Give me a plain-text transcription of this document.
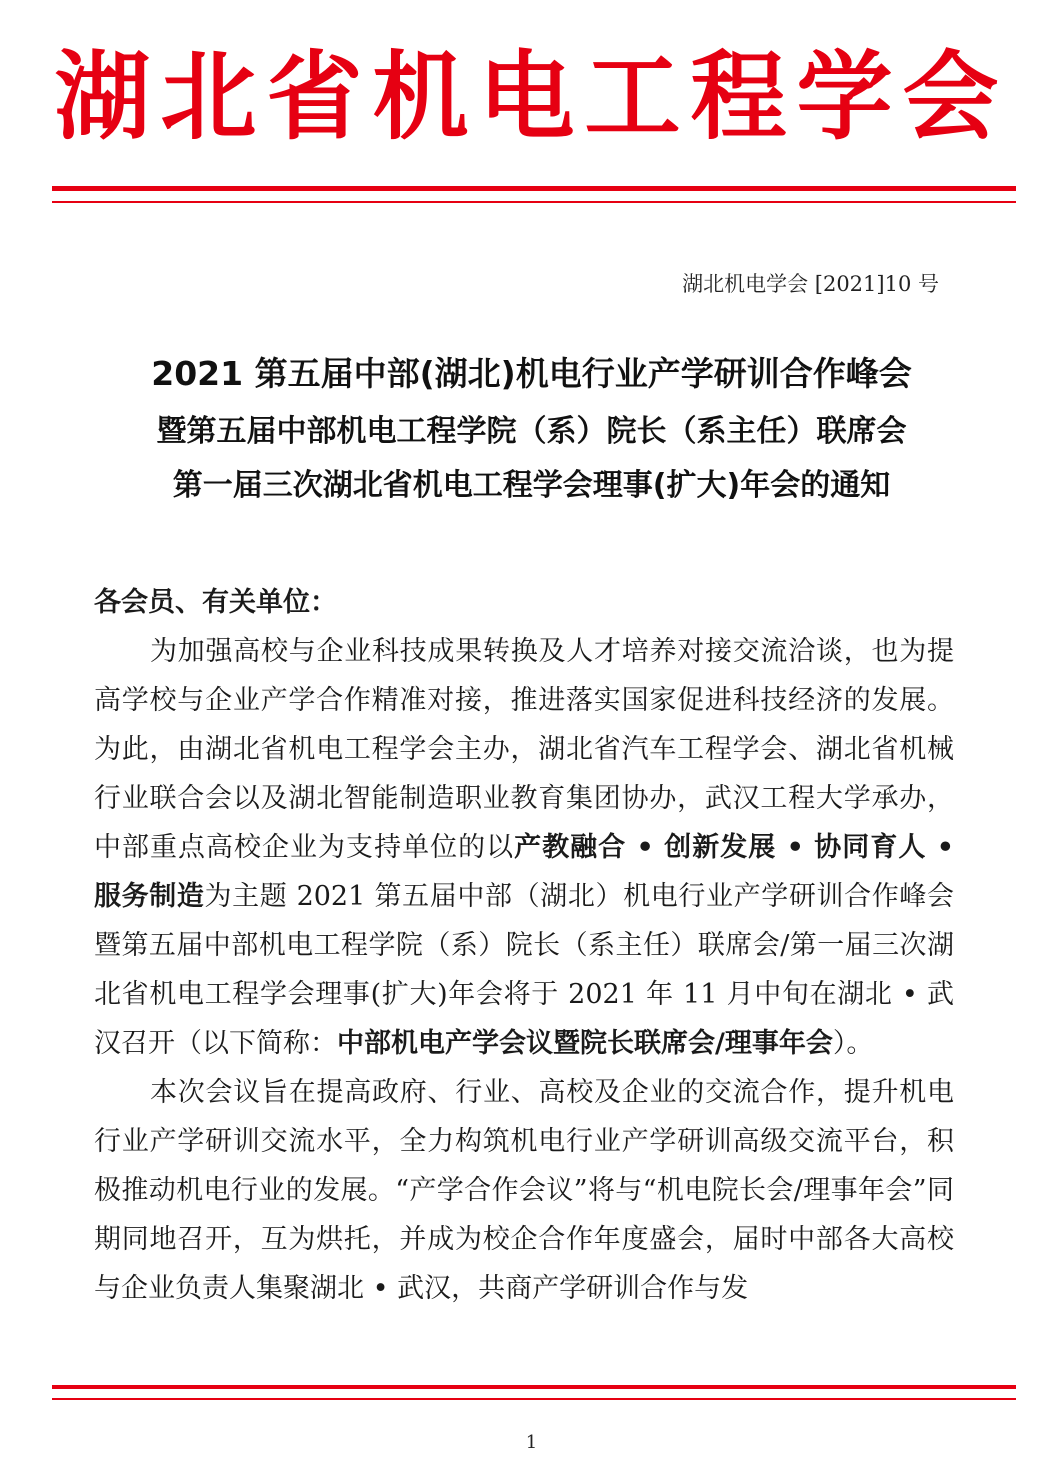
湖北省机电工程学会
湖北机电学会 [2021]10 号
2021 第五届中部(湖北)机电行业产学研训合作峰会
暨第五届中部机电工程学院（系）院长（系主任）联席会
第一届三次湖北省机电工程学会理事(扩大)年会的通知

各会员、有关单位：

为加强高校与企业科技成果转换及人才培养对接交流洽谈，也为提高学校与企业产学合作精准对接，推进落实国家促进科技经济的发展。为此，由湖北省机电工程学会主办，湖北省汽车工程学会、湖北省机械行业联合会以及湖北智能制造职业教育集团协办，武汉工程大学承办，中部重点高校企业为支持单位的以产教融合 • 创新发展 • 协同育人 • 服务制造为主题 2021 第五届中部（湖北）机电行业产学研训合作峰会暨第五届中部机电工程学院（系）院长（系主任）联席会/第一届三次湖北省机电工程学会理事(扩大)年会将于 2021 年 11 月中旬在湖北 • 武汉召开（以下简称：中部机电产学会议暨院长联席会/理事年会）。

本次会议旨在提高政府、行业、高校及企业的交流合作，提升机电行业产学研训交流水平，全力构筑机电行业产学研训高级交流平台，积极推动机电行业的发展。“产学合作会议”将与“机电院长会/理事年会”同期同地召开，互为烘托，并成为校企合作年度盛会，届时中部各大高校与企业负责人集聚湖北 • 武汉，共商产学研训合作与发

1
